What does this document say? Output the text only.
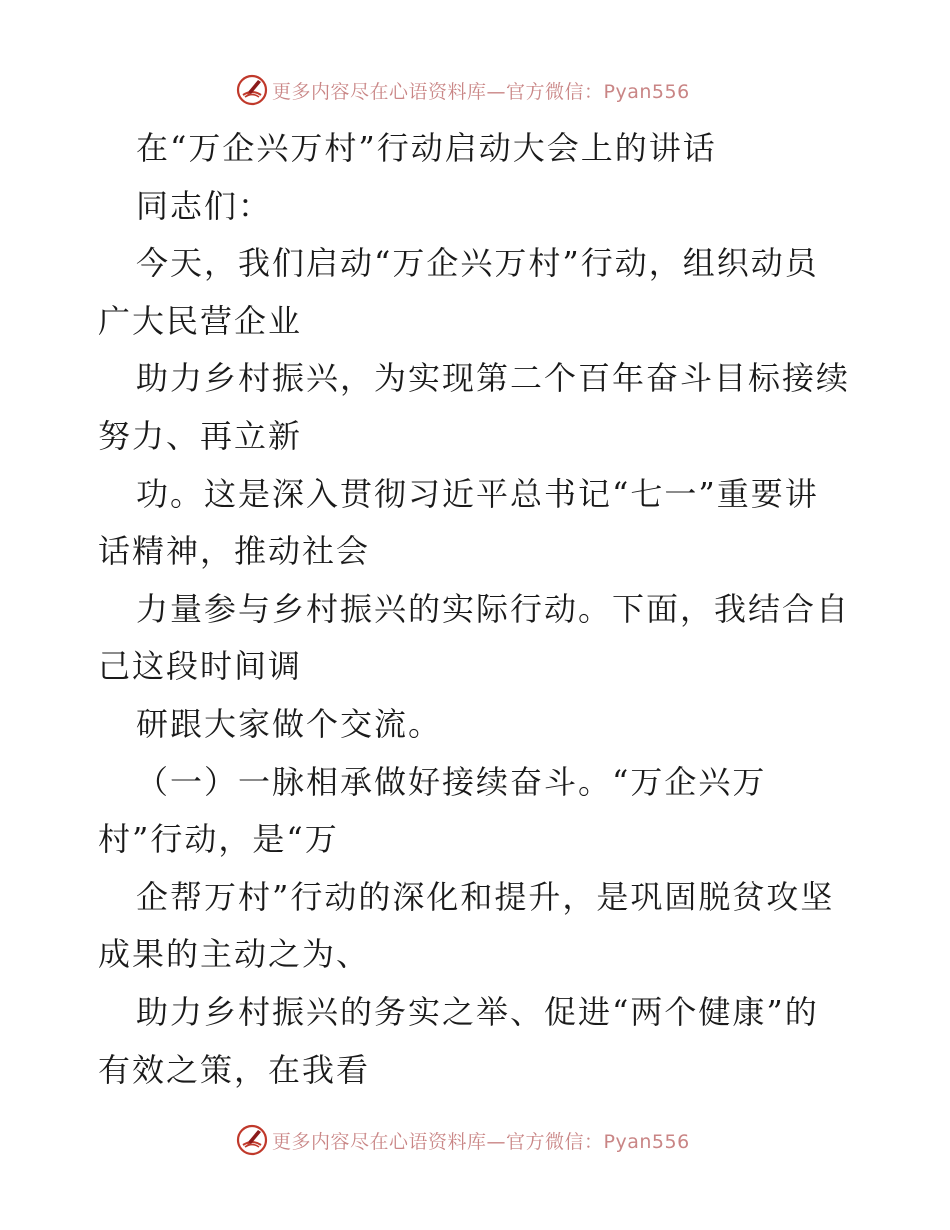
更多内容尽在心语资料库—官方微信：Pyan556
在“万企兴万村”行动启动大会上的讲话
同志们：
今天，我们启动“万企兴万村”行动，组织动员
广大民营企业
助力乡村振兴，为实现第二个百年奋斗目标接续
努力、再立新
功。这是深入贯彻习近平总书记“七一”重要讲
话精神，推动社会
力量参与乡村振兴的实际行动。下面，我结合自
己这段时间调
研跟大家做个交流。
（一）一脉相承做好接续奋斗。“万企兴万
村”行动，是“万
企帮万村”行动的深化和提升，是巩固脱贫攻坚
成果的主动之为、
助力乡村振兴的务实之举、促进“两个健康”的
有效之策，在我看
更多内容尽在心语资料库—官方微信：Pyan556
